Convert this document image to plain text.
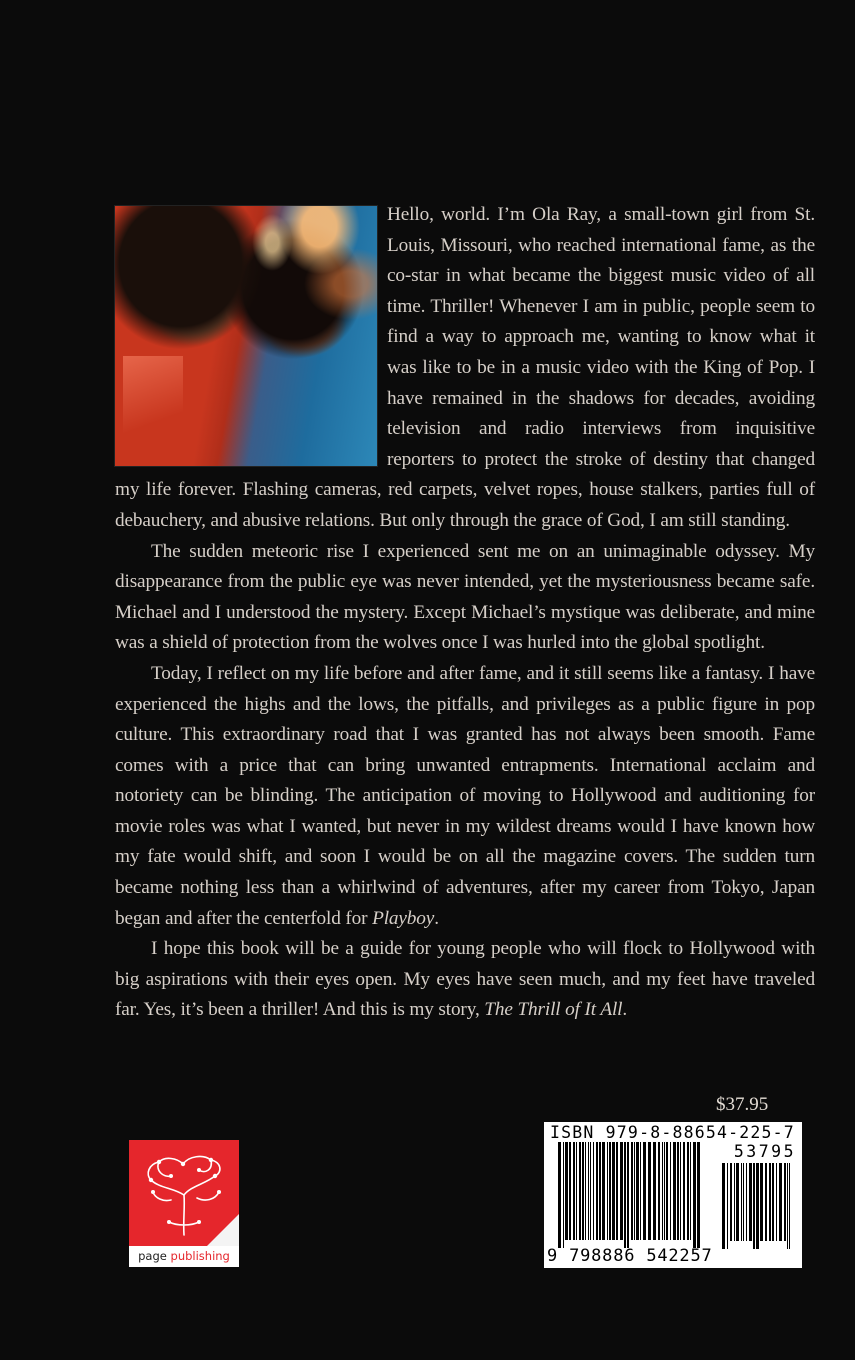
Hello, world. I’m Ola Ray, a small-town girl from St. Louis, Missouri, who reached international fame, as the co-star in what became the biggest music video of all time. Thriller! Whenever I am in public, people seem to find a way to approach me, wanting to know what it was like to be in a music video with the King of Pop. I have remained in the shadows for decades, avoiding television and radio interviews from inquisitive reporters to protect the stroke of destiny that changed my life forever. Flashing cameras, red carpets, velvet ropes, house stalkers, parties full of debauchery, and abusive relations. But only through the grace of God, I am still standing.

The sudden meteoric rise I experienced sent me on an unimaginable odyssey. My disappearance from the public eye was never intended, yet the mysteriousness became safe. Michael and I understood the mystery. Except Michael’s mystique was deliberate, and mine was a shield of protection from the wolves once I was hurled into the global spotlight.

Today, I reflect on my life before and after fame, and it still seems like a fantasy. I have experienced the highs and the lows, the pitfalls, and privileges as a public figure in pop culture. This extraordinary road that I was granted has not always been smooth. Fame comes with a price that can bring unwanted entrapments. International acclaim and notoriety can be blinding. The anticipation of moving to Hollywood and auditioning for movie roles was what I wanted, but never in my wildest dreams would I have known how my fate would shift, and soon I would be on all the magazine covers. The sudden turn became nothing less than a whirlwind of adventures, after my career from Tokyo, Japan began and after the centerfold for Playboy.

I hope this book will be a guide for young people who will flock to Hollywood with big aspirations with their eyes open. My eyes have seen much, and my feet have traveled far. Yes, it’s been a thriller! And this is my story, The Thrill of It All.

$37.95
ISBN 979-8-88654-225-7
53795
9 798886 542257
page publishing
